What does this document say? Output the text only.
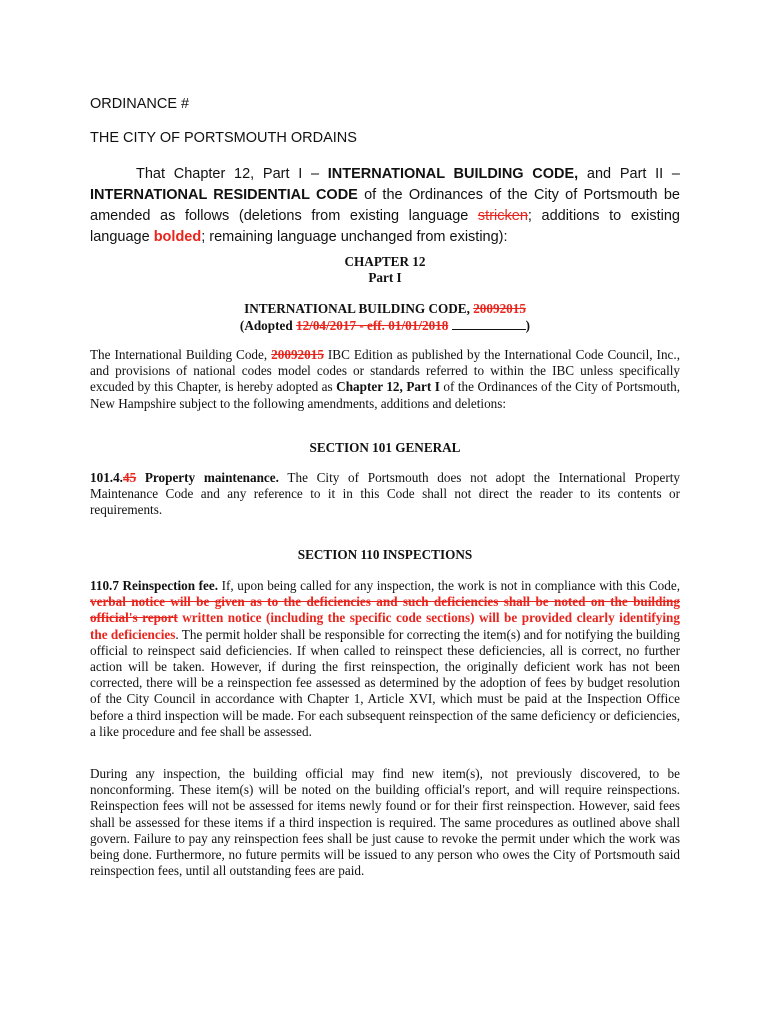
ORDINANCE #

THE CITY OF PORTSMOUTH ORDAINS

That Chapter 12, Part I – INTERNATIONAL BUILDING CODE, and Part II – INTERNATIONAL RESIDENTIAL CODE of the Ordinances of the City of Portsmouth be amended as follows (deletions from existing language stricken; additions to existing language bolded; remaining language unchanged from existing):

CHAPTER 12

Part I

INTERNATIONAL BUILDING CODE, 20092015

(Adopted 12/04/2017 - eff. 01/01/2018	)

The International Building Code, 20092015 IBC Edition as published by the International Code Council, Inc., and provisions of national codes model codes or standards referred to within the IBC unless specifically excuded by this Chapter, is hereby adopted as Chapter 12, Part I of the Ordinances of the City of Portsmouth, New Hampshire subject to the following amendments, additions and deletions:

SECTION 101 GENERAL

101.4.45 Property maintenance. The City of Portsmouth does not adopt the International Property Maintenance Code and any reference to it in this Code shall not direct the reader to its contents or requirements.

SECTION 110 INSPECTIONS

110.7 Reinspection fee. If, upon being called for any inspection, the work is not in compliance with this Code, verbal notice will be given as to the deficiencies and such deficiencies shall be noted on the building official's report written notice (including the specific code sections) will be provided clearly identifying the deficiencies. The permit holder shall be responsible for correcting the item(s) and for notifying the building official to reinspect said deficiencies. If when called to reinspect these deficiencies, all is correct, no further action will be taken. However, if during the first reinspection, the originally deficient work has not been corrected, there will be a reinspection fee assessed as determined by the adoption of fees by budget resolution of the City Council in accordance with Chapter 1, Article XVI, which must be paid at the Inspection Office before a third inspection will be made. For each subsequent reinspection of the same deficiency or deficiencies, a like procedure and fee shall be assessed.

During any inspection, the building official may find new item(s), not previously discovered, to be nonconforming. These item(s) will be noted on the building official's report, and will require reinspections. Reinspection fees will not be assessed for items newly found or for their first reinspection. However, said fees shall be assessed for these items if a third inspection is required. The same procedures as outlined above shall govern. Failure to pay any reinspection fees shall be just cause to revoke the permit under which the work was being done. Furthermore, no future permits will be issued to any person who owes the City of Portsmouth said reinspection fees, until all outstanding fees are paid.
